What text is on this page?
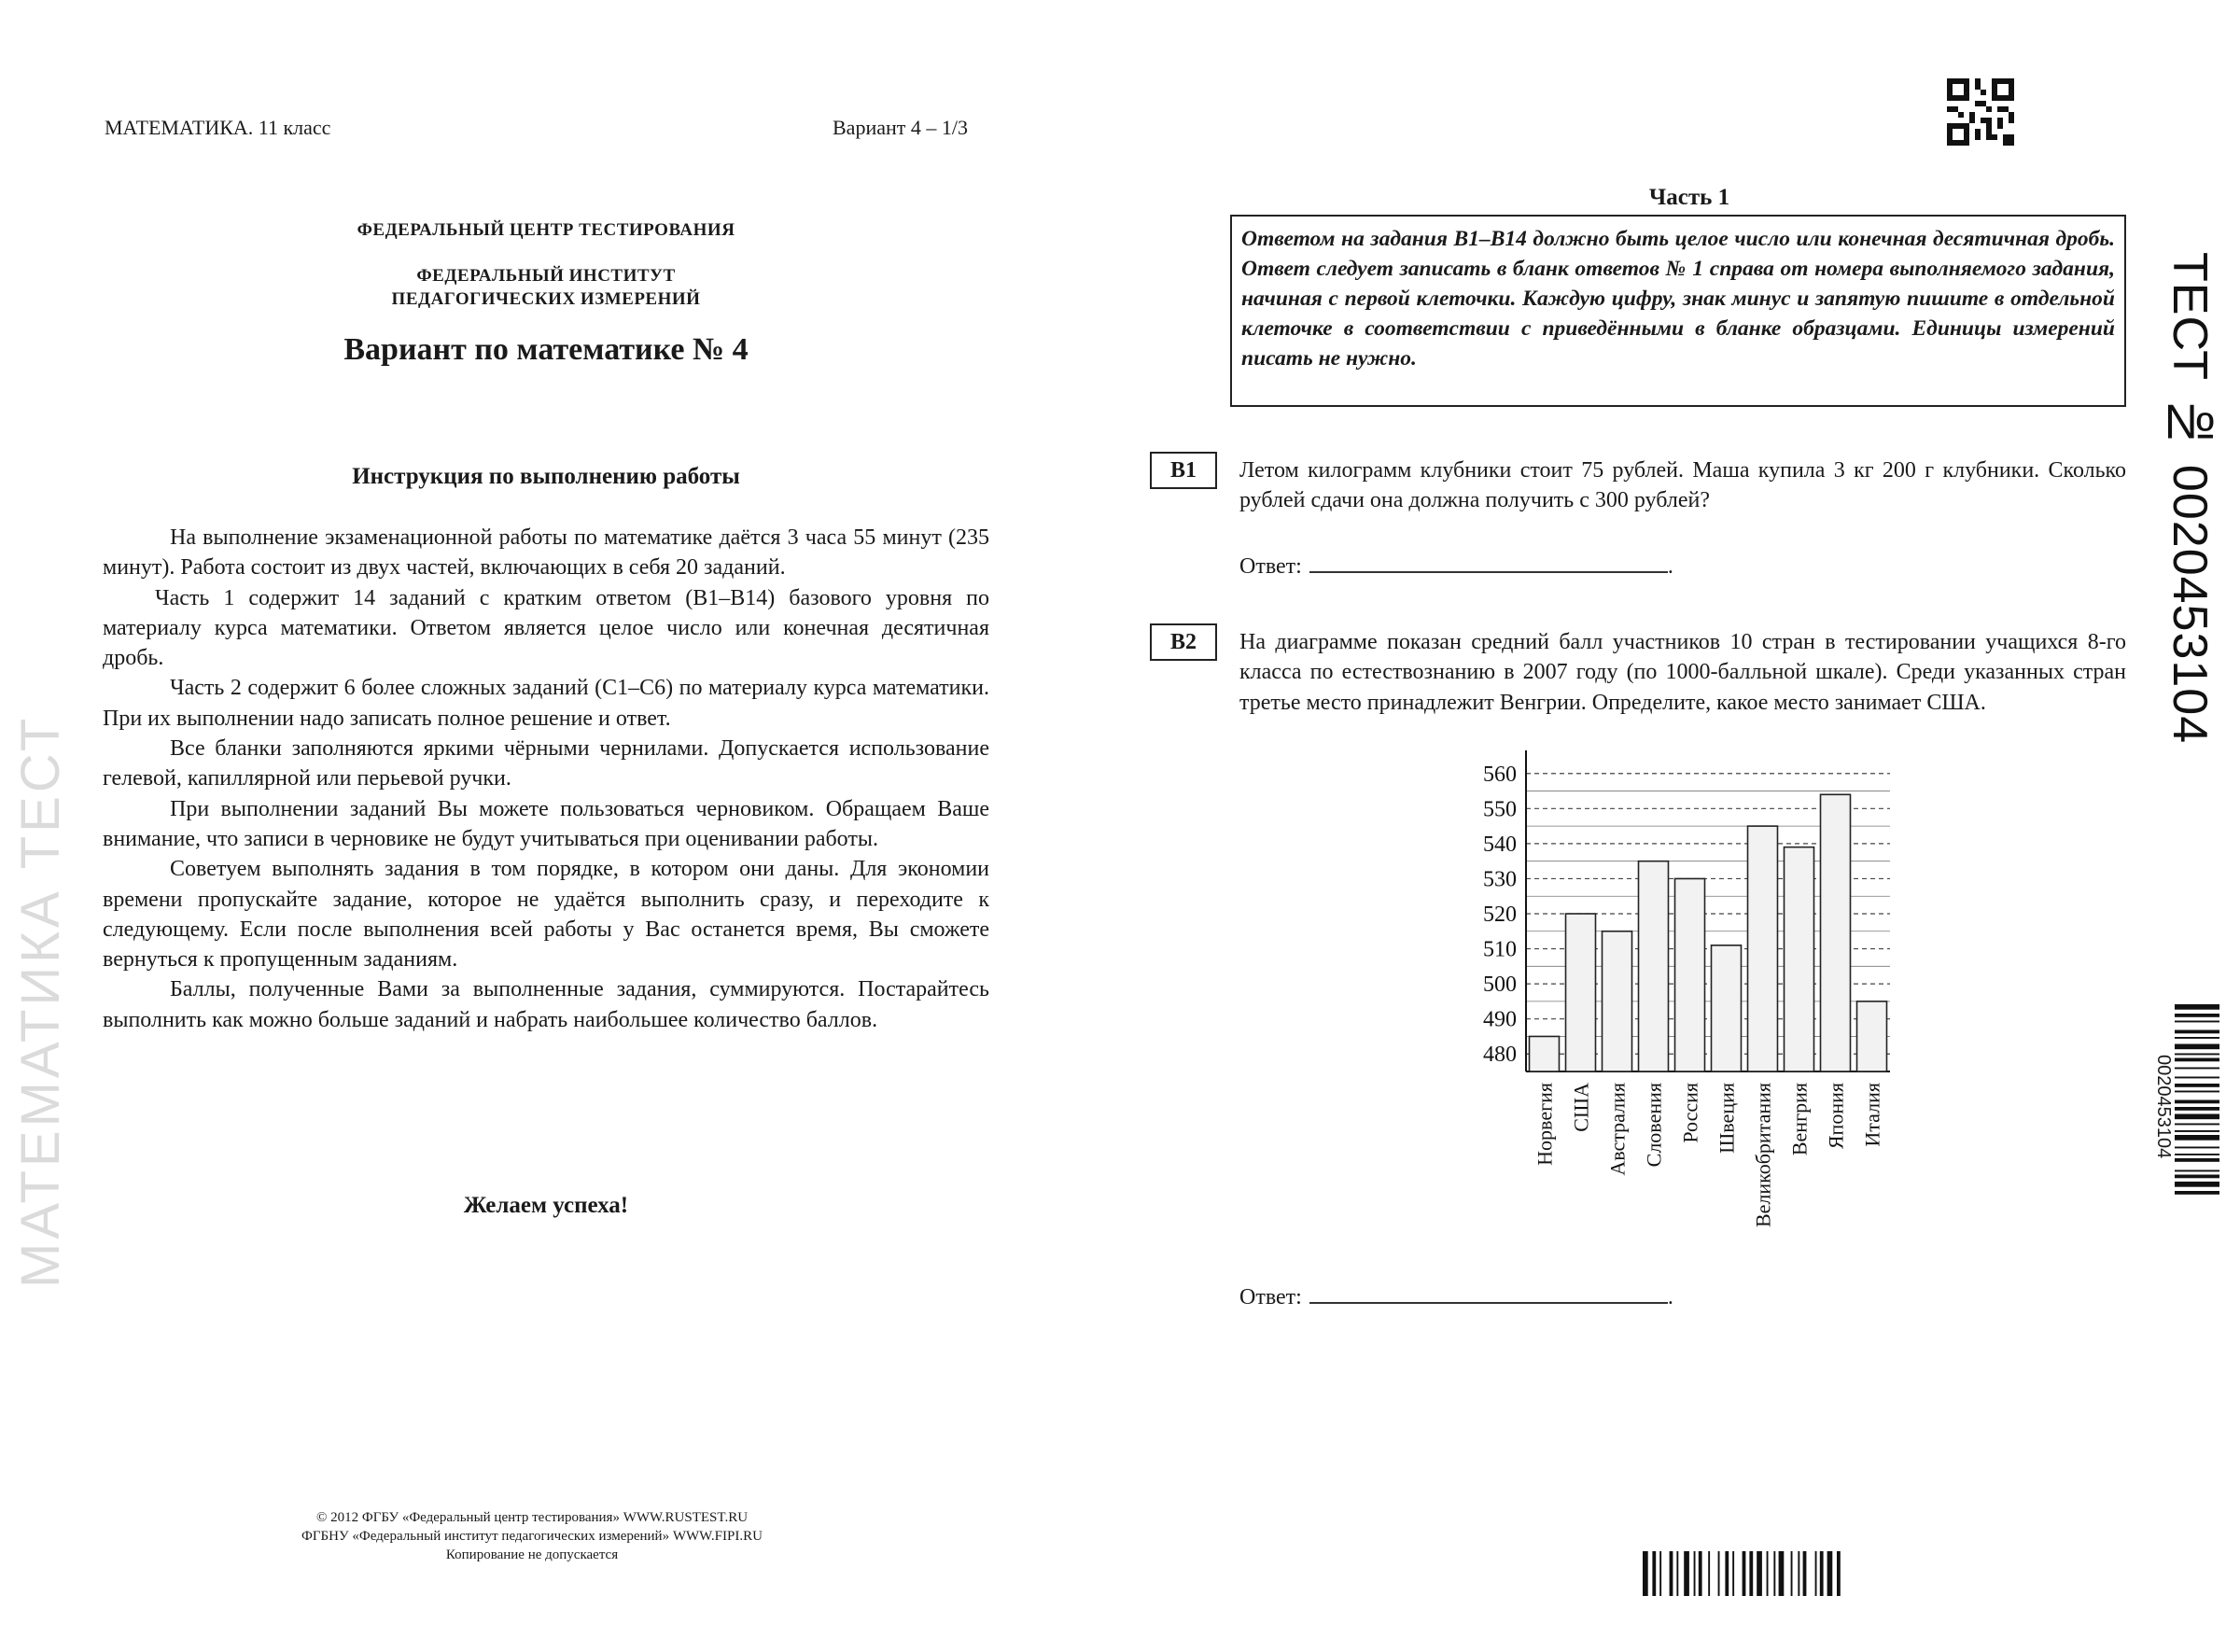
МАТЕМАТИКА ТЕСТ
МАТЕМАТИКА. 11 класс	Вариант 4 – 1/3
ФЕДЕРАЛЬНЫЙ ЦЕНТР ТЕСТИРОВАНИЯ
ФЕДЕРАЛЬНЫЙ ИНСТИТУТ
ПЕДАГОГИЧЕСКИХ ИЗМЕРЕНИЙ
Вариант по математике № 4
Инструкция по выполнению работы

На выполнение экзаменационной работы по математике даётся 3 часа 55 минут (235 минут). Работа состоит из двух частей, включающих в себя 20 заданий.

Часть 1 содержит 14 заданий с кратким ответом (В1–В14) базового уровня по материалу курса математики. Ответом является целое число или конечная десятичная дробь.

Часть 2 содержит 6 более сложных заданий (С1–С6) по материалу курса математики. При их выполнении надо записать полное решение и ответ.

Все бланки заполняются яркими чёрными чернилами. Допускается использование гелевой, капиллярной или перьевой ручки.

При выполнении заданий Вы можете пользоваться черновиком. Обращаем Ваше внимание, что записи в черновике не будут учитываться при оценивании работы.

Советуем выполнять задания в том порядке, в котором они даны. Для экономии времени пропускайте задание, которое не удаётся выполнить сразу, и переходите к следующему. Если после выполнения всей работы у Вас останется время, Вы сможете вернуться к пропущенным заданиям.

Баллы, полученные Вами за выполненные задания, суммируются. Постарайтесь выполнить как можно больше заданий и набрать наибольшее количество баллов.

Желаем успеха!
© 2012 ФГБУ «Федеральный центр тестирования» WWW.RUSTEST.RU
ФГБНУ «Федеральный институт педагогических измерений» WWW.FIPI.RU
Копирование не допускается
Часть 1
Ответом на задания В1–В14 должно быть целое число или конечная десятичная дробь. Ответ следует записать в бланк ответов № 1 справа от номера выполняемого задания, начиная с первой клеточки. Каждую цифру, знак минус и запятую пишите в отдельной клеточке в соответствии с приведёнными в бланке образцами. Единицы измерений писать не нужно.
B1	Летом килограмм клубники стоит 75 рублей. Маша купила 3 кг 200 г клубники. Сколько рублей сдачи она должна получить с 300 рублей?
Ответ:	.
B2	На диаграмме показан средний балл участников 10 стран в тестировании учащихся 8-го класса по естествознанию в 2007 году (по 1000-балльной шкале). Среди указанных стран третье место принадлежит Венгрии. Определите, какое место занимает США.
480
490
500
510
520
530
540
550
560
Норвегия США Австралия Словения Россия Швеция Великобритания Венгрия Япония Италия
Ответ:	.
ТЕСТ № 0020453104
0020453104
